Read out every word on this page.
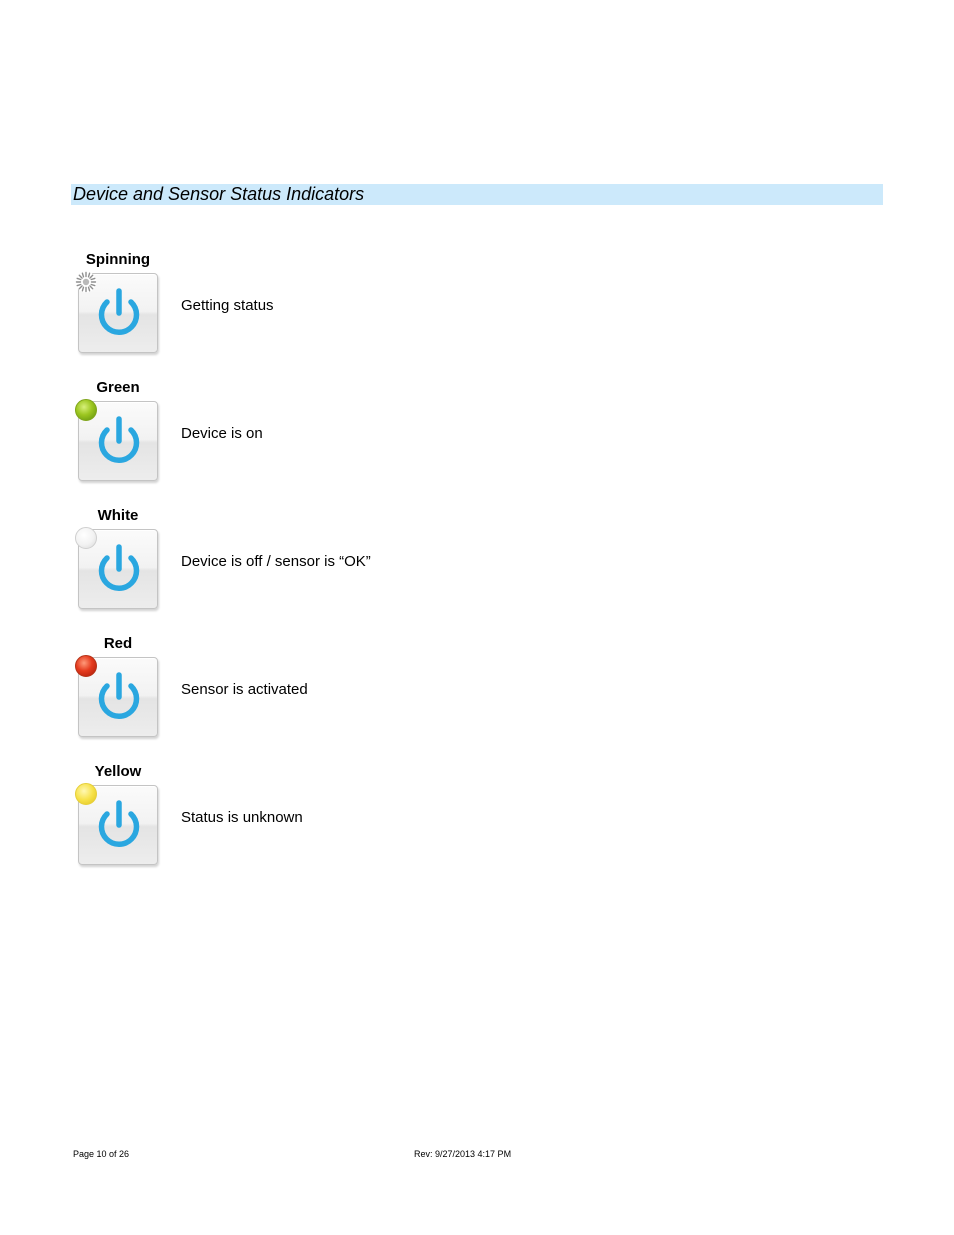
Device and Sensor Status Indicators
Spinning
Getting status
Green
Device is on
White
Device is off / sensor is “OK”
Red
Sensor is activated
Yellow
Status is unknown
Page 10 of 26	Rev: 9/27/2013 4:17 PM
